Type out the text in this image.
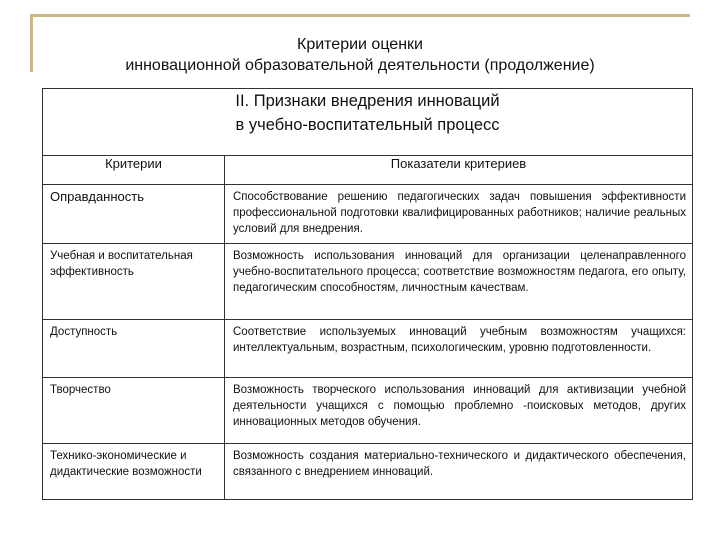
Критерии оценки
инновационной образовательной деятельности (продолжение)
II. Признаки внедрения инноваций
в учебно-воспитательный процесс	

Критерии	Показатели критериев
Оправданность	Способствование решению педагогических задач повышения эффективности профессиональной подготовки квалифицированных работников; наличие реальных условий для внедрения.
Учебная и воспитательная эффективность	Возможность использования инноваций для организации целенаправленного учебно-воспитательного процесса; соответствие возможностям педагога, его опыту, педагогическим способностям, личностным качествам.
Доступность	Соответствие используемых инноваций учебным возможностям учащихся: интеллектуальным, возрастным, психологическим, уровню подготовленности.
Творчество	Возможность творческого использования инноваций для активизации учебной деятельности учащихся с помощью проблемно -поисковых методов, других инновационных методов обучения.
Технико-экономические и дидактические возможности	Возможность создания материально-технического и дидактического обеспечения, связанного с внедрением инноваций.
